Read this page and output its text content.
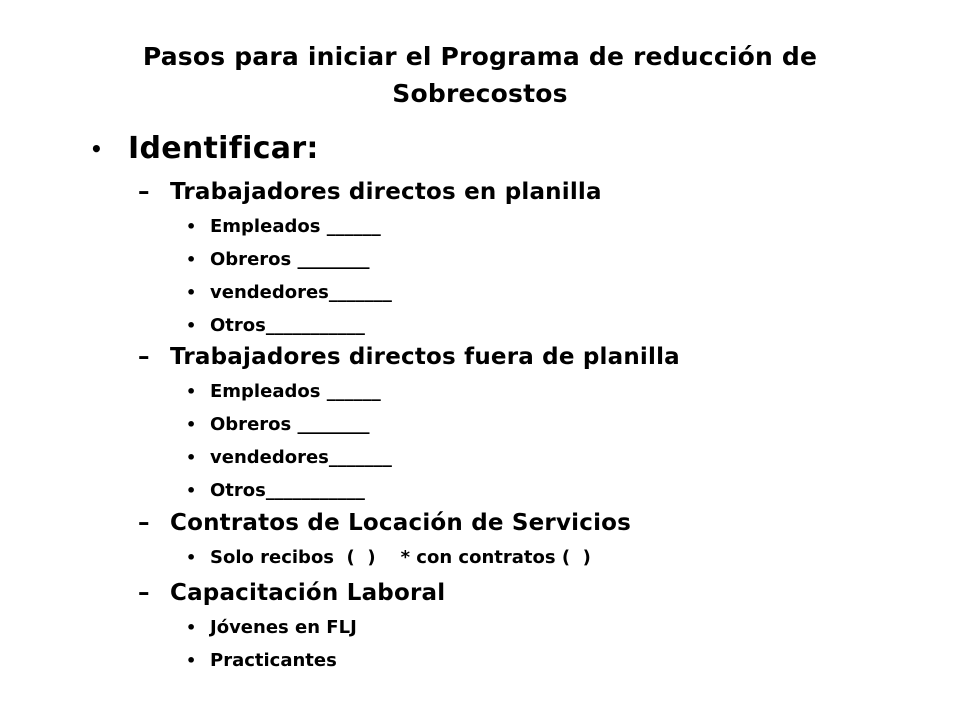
Pasos para iniciar el Programa de reducción de
Sobrecostos
• Identificar:
– Trabajadores directos en planilla
• Empleados ______
• Obreros ________
• vendedores_______
• Otros___________
– Trabajadores directos fuera de planilla
• Empleados ______
• Obreros ________
• vendedores_______
• Otros___________
– Contratos de Locación de Servicios
• Solo recibos  (  )    * con contratos (  )
– Capacitación Laboral
• Jóvenes en FLJ
• Practicantes
